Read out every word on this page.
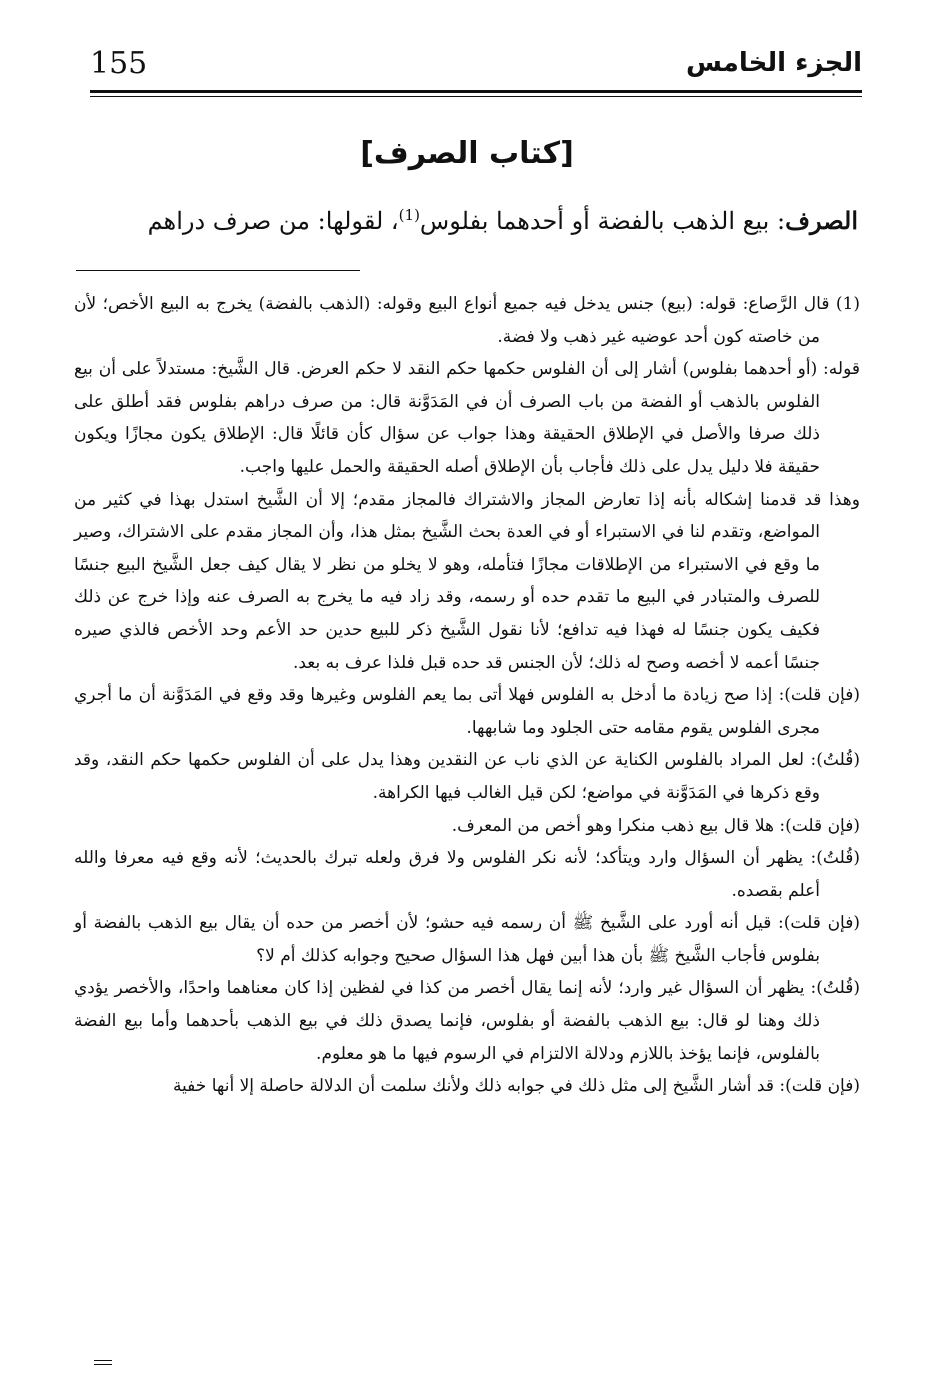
155	الجزء الخامس
[كتاب الصرف]
الصرف: بيع الذهب بالفضة أو أحدهما بفلوس$^{(1)}$، لقولها: من صرف دراهم

(1) قال الرَّصاع: قوله: (بيع) جنس يدخل فيه جميع أنواع البيع وقوله: (الذهب بالفضة) يخرج به البيع الأخص؛ لأن من خاصته كون أحد عوضيه غير ذهب ولا فضة.

قوله: (أو أحدهما بفلوس) أشار إلى أن الفلوس حكمها حكم النقد لا حكم العرض. قال الشَّيخ: مستدلاً على أن بيع الفلوس بالذهب أو الفضة من باب الصرف أن في المَدَوَّنة قال: من صرف دراهم بفلوس فقد أطلق على ذلك صرفا والأصل في الإطلاق الحقيقة وهذا جواب عن سؤال كأن قائلًا قال: الإطلاق يكون مجازًا ويكون حقيقة فلا دليل يدل على ذلك فأجاب بأن الإطلاق أصله الحقيقة والحمل عليها واجب.

وهذا قد قدمنا إشكاله بأنه إذا تعارض المجاز والاشتراك فالمجاز مقدم؛ إلا أن الشَّيخ استدل بهذا في كثير من المواضع، وتقدم لنا في الاستبراء أو في العدة بحث الشَّيخ بمثل هذا، وأن المجاز مقدم على الاشتراك، وصير ما وقع في الاستبراء من الإطلاقات مجازًا فتأمله، وهو لا يخلو من نظر لا يقال كيف جعل الشَّيخ البيع جنسًا للصرف والمتبادر في البيع ما تقدم حده أو رسمه، وقد زاد فيه ما يخرج به الصرف عنه وإذا خرج عن ذلك فكيف يكون جنسًا له فهذا فيه تدافع؛ لأنا نقول الشَّيخ ذكر للبيع حدين حد الأعم وحد الأخص فالذي صيره جنسًا أعمه لا أخصه وصح له ذلك؛ لأن الجنس قد حده قبل فلذا عرف به بعد.

(فإن قلت): إذا صح زيادة ما أدخل به الفلوس فهلا أتى بما يعم الفلوس وغيرها وقد وقع في المَدَوَّنة أن ما أجري مجرى الفلوس يقوم مقامه حتى الجلود وما شابهها.

(قُلتُ): لعل المراد بالفلوس الكناية عن الذي ناب عن النقدين وهذا يدل على أن الفلوس حكمها حكم النقد، وقد وقع ذكرها في المَدَوَّنة في مواضع؛ لكن قيل الغالب فيها الكراهة.

(فإن قلت): هلا قال بيع ذهب منكرا وهو أخص من المعرف.

(قُلتُ): يظهر أن السؤال وارد ويتأكد؛ لأنه نكر الفلوس ولا فرق ولعله تبرك بالحديث؛ لأنه وقع فيه معرفا والله أعلم بقصده.

(فإن قلت): قيل أنه أورد على الشَّيخ ﷺ أن رسمه فيه حشو؛ لأن أخصر من حده أن يقال بيع الذهب بالفضة أو بفلوس فأجاب الشَّيخ ﷺ بأن هذا أبين فهل هذا السؤال صحيح وجوابه كذلك أم لا؟

(قُلتُ): يظهر أن السؤال غير وارد؛ لأنه إنما يقال أخصر من كذا في لفظين إذا كان معناهما واحدًا، والأخصر يؤدي ذلك وهنا لو قال: بيع الذهب بالفضة أو بفلوس، فإنما يصدق ذلك في بيع الذهب بأحدهما وأما بيع الفضة بالفلوس، فإنما يؤخذ باللازم ودلالة الالتزام في الرسوم فيها ما هو معلوم.

(فإن قلت): قد أشار الشَّيخ إلى مثل ذلك في جوابه ذلك ولأنك سلمت أن الدلالة حاصلة إلا أنها خفية
